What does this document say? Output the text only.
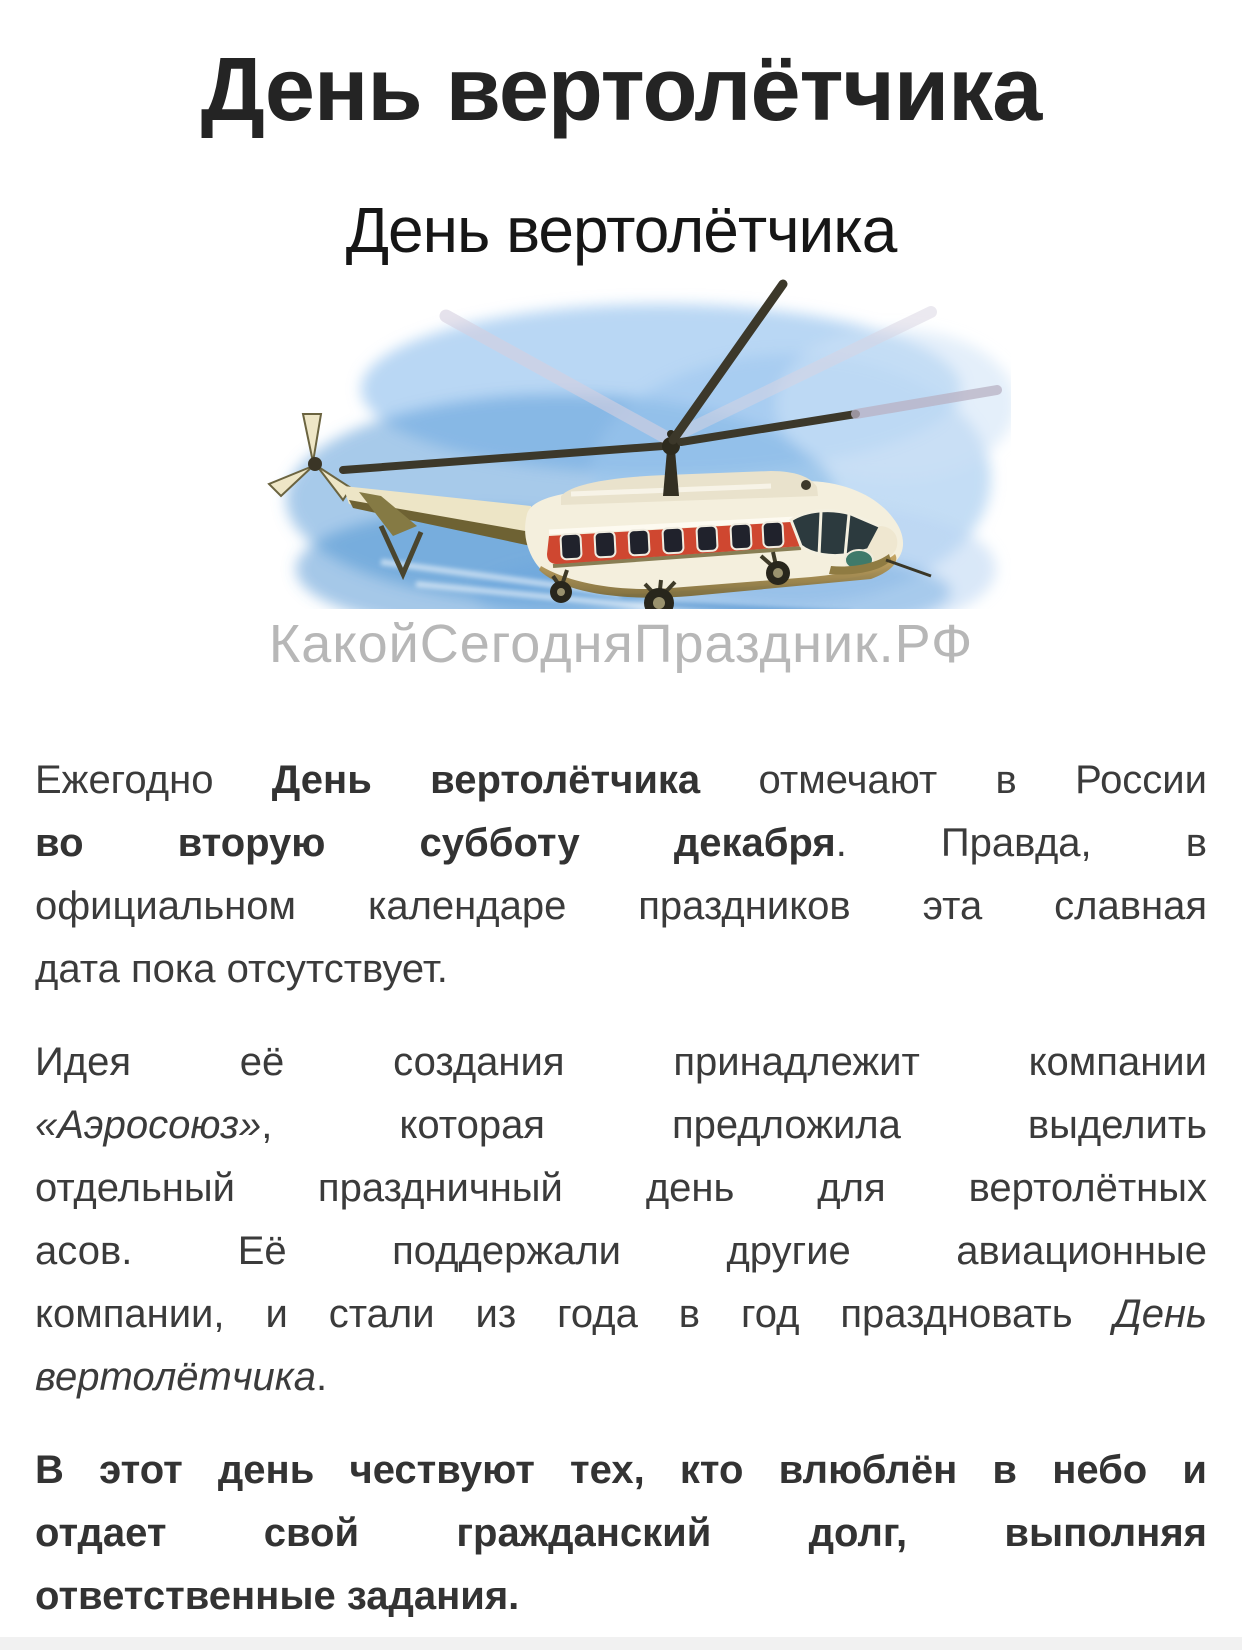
День вертолётчика
День вертолётчика
КакойСегодняПраздник.РФ
Ежегодно День вертолётчика отмечают в России
во вторую субботу декабря. Правда, в
официальном календаре праздников эта славная
дата пока отсутствует.
Идея её создания принадлежит компании
«Аэросоюз», которая предложила выделить
отдельный праздничный день для вертолётных
асов. Её поддержали другие авиационные
компании, и стали из года в год праздновать День
вертолётчика.
В этот день чествуют тех, кто влюблён в небо и
отдает свой гражданский долг, выполняя
ответственные задания.
